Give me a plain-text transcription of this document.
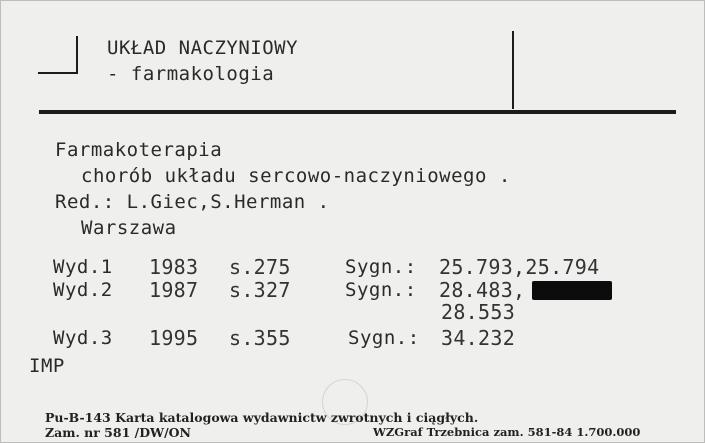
UKŁAD NACZYNIOWY
- farmakologia
Farmakoterapia
chorób układu sercowo-naczyniowego .
Red.: L.Giec,S.Herman .
Warszawa
Wyd.1 1983 s.275	Sygn.: 25.793,25.794
Wyd.2 1987 s.327	Sygn.: 28.483,
28.553
Wyd.3 1995 s.355	Sygn.: 34.232
IMP
Pu-B-143 Karta katalogowa wydawnictw zwrotnych i ciągłych.
Zam. nr 581 /DW/ON	WZGraf Trzebnica zam. 581-84 1.700.000
